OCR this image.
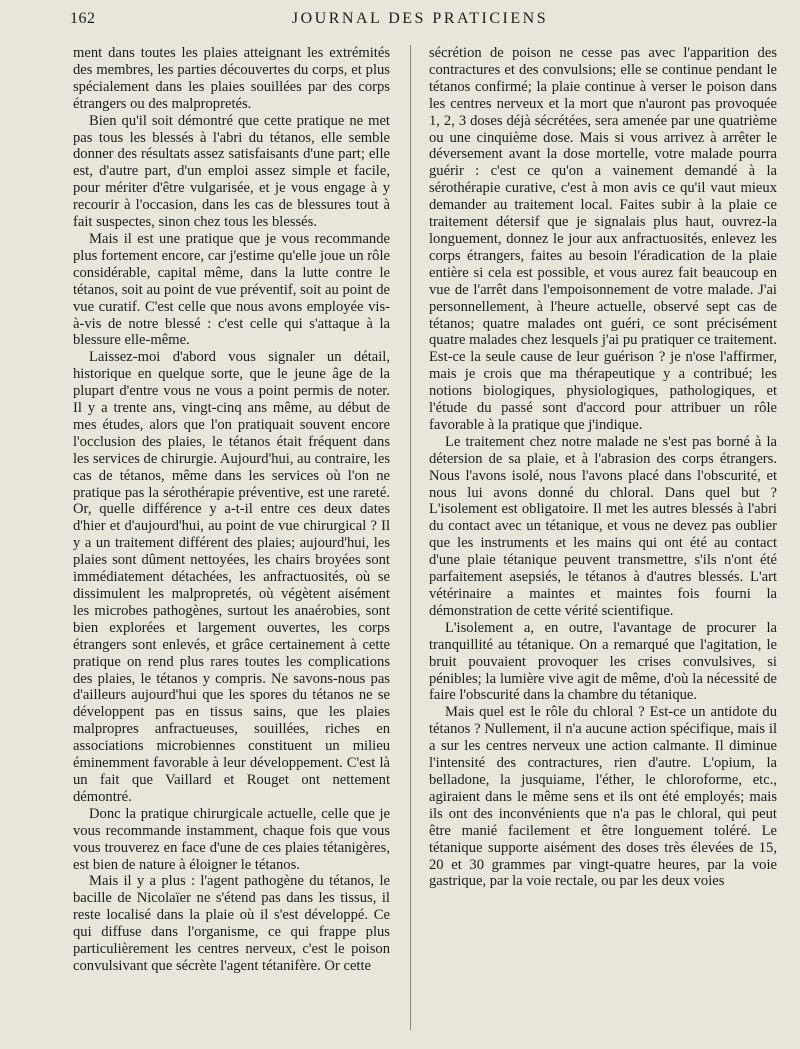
162	JOURNAL DES PRATICIENS

ment dans toutes les plaies atteignant les extrémités des membres, les parties découvertes du corps, et plus spécialement dans les plaies souillées par des corps étrangers ou des malpropretés.

Bien qu'il soit démontré que cette pratique ne met pas tous les blessés à l'abri du tétanos, elle semble donner des résultats assez satisfaisants d'une part; elle est, d'autre part, d'un emploi assez simple et facile, pour mériter d'être vulgarisée, et je vous engage à y recourir à l'occasion, dans les cas de blessures tout à fait suspectes, sinon chez tous les blessés.

Mais il est une pratique que je vous recommande plus fortement encore, car j'estime qu'elle joue un rôle considérable, capital même, dans la lutte contre le tétanos, soit au point de vue préventif, soit au point de vue curatif. C'est celle que nous avons employée vis-à-vis de notre blessé : c'est celle qui s'attaque à la blessure elle-même.

Laissez-moi d'abord vous signaler un détail, historique en quelque sorte, que le jeune âge de la plupart d'entre vous ne vous a point permis de noter. Il y a trente ans, vingt-cinq ans même, au début de mes études, alors que l'on pratiquait souvent encore l'occlusion des plaies, le tétanos était fréquent dans les services de chirurgie. Aujourd'hui, au contraire, les cas de tétanos, même dans les services où l'on ne pratique pas la sérothérapie préventive, est une rareté. Or, quelle différence y a-t-il entre ces deux dates d'hier et d'aujourd'hui, au point de vue chirurgical ? Il y a un traitement différent des plaies; aujourd'hui, les plaies sont dûment nettoyées, les chairs broyées sont immédiatement détachées, les anfractuosités, où se dissimulent les malpropretés, où végètent aisément les microbes pathogènes, surtout les anaérobies, sont bien explorées et largement ouvertes, les corps étrangers sont enlevés, et grâce certainement à cette pratique on rend plus rares toutes les complications des plaies, le tétanos y compris. Ne savons-nous pas d'ailleurs aujourd'hui que les spores du tétanos ne se développent pas en tissus sains, que les plaies malpropres anfractueuses, souillées, riches en associations microbiennes constituent un milieu éminemment favorable à leur développement. C'est là un fait que Vaillard et Rouget ont nettement démontré.

Donc la pratique chirurgicale actuelle, celle que je vous recommande instamment, chaque fois que vous vous trouverez en face d'une de ces plaies tétanigères, est bien de nature à éloigner le tétanos.

Mais il y a plus : l'agent pathogène du tétanos, le bacille de Nicolaïer ne s'étend pas dans les tissus, il reste localisé dans la plaie où il s'est développé. Ce qui diffuse dans l'organisme, ce qui frappe plus particulièrement les centres nerveux, c'est le poison convulsivant que sécrète l'agent tétanifère. Or cette

sécrétion de poison ne cesse pas avec l'apparition des contractures et des convulsions; elle se continue pendant le tétanos confirmé; la plaie continue à verser le poison dans les centres nerveux et la mort que n'auront pas provoquée 1, 2, 3 doses déjà sécrétées, sera amenée par une quatrième ou une cinquième dose. Mais si vous arrivez à arrêter le déversement avant la dose mortelle, votre malade pourra guérir : c'est ce qu'on a vainement demandé à la sérothérapie curative, c'est à mon avis ce qu'il vaut mieux demander au traitement local. Faites subir à la plaie ce traitement détersif que je signalais plus haut, ouvrez-la longuement, donnez le jour aux anfractuosités, enlevez les corps étrangers, faites au besoin l'éradication de la plaie entière si cela est possible, et vous aurez fait beaucoup en vue de l'arrêt dans l'empoisonnement de votre malade. J'ai personnellement, à l'heure actuelle, observé sept cas de tétanos; quatre malades ont guéri, ce sont précisément quatre malades chez lesquels j'ai pu pratiquer ce traitement. Est-ce la seule cause de leur guérison ? je n'ose l'affirmer, mais je crois que ma thérapeutique y a contribué; les notions biologiques, physiologiques, pathologiques, et l'étude du passé sont d'accord pour attribuer un rôle favorable à la pratique que j'indique.

Le traitement chez notre malade ne s'est pas borné à la détersion de sa plaie, et à l'abrasion des corps étrangers. Nous l'avons isolé, nous l'avons placé dans l'obscurité, et nous lui avons donné du chloral. Dans quel but ? L'isolement est obligatoire. Il met les autres blessés à l'abri du contact avec un tétanique, et vous ne devez pas oublier que les instruments et les mains qui ont été au contact d'une plaie tétanique peuvent transmettre, s'ils n'ont été parfaitement asepsiés, le tétanos à d'autres blessés. L'art vétérinaire a maintes et maintes fois fourni la démonstration de cette vérité scientifique.

L'isolement a, en outre, l'avantage de procurer la tranquillité au tétanique. On a remarqué que l'agitation, le bruit pouvaient provoquer les crises convulsives, si pénibles; la lumière vive agit de même, d'où la nécessité de faire l'obscurité dans la chambre du tétanique.

Mais quel est le rôle du chloral ? Est-ce un antidote du tétanos ? Nullement, il n'a aucune action spécifique, mais il a sur les centres nerveux une action calmante. Il diminue l'intensité des contractures, rien d'autre. L'opium, la belladone, la jusquiame, l'éther, le chloroforme, etc., agiraient dans le même sens et ils ont été employés; mais ils ont des inconvénients que n'a pas le chloral, qui peut être manié facilement et être longuement toléré. Le tétanique supporte aisément des doses très élevées de 15, 20 et 30 grammes par vingt-quatre heures, par la voie gastrique, par la voie rectale, ou par les deux voies
